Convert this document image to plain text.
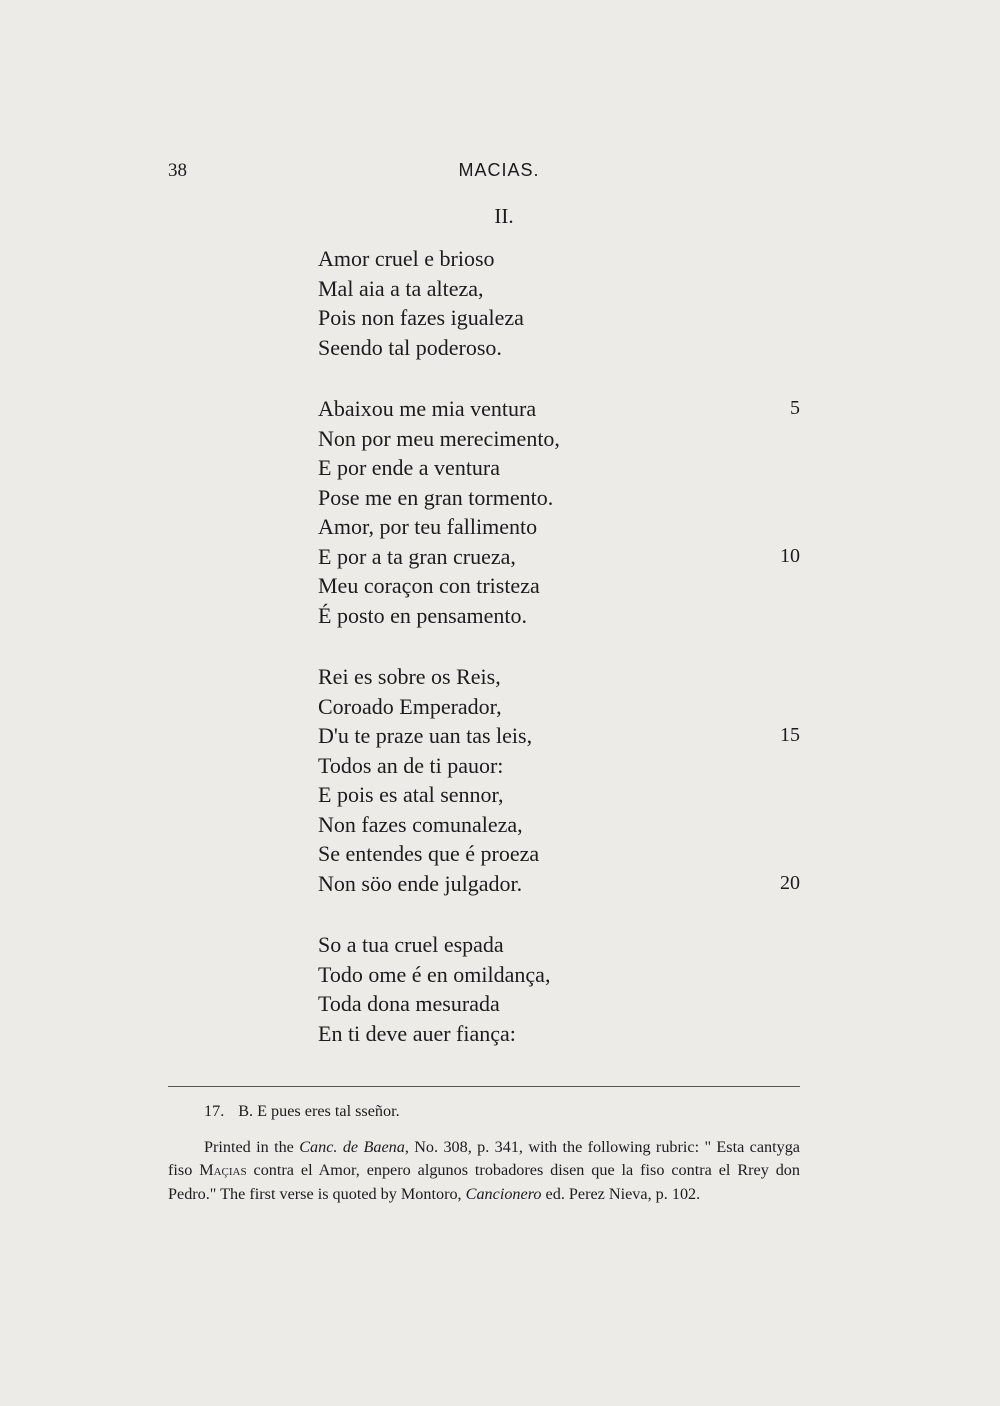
38	MACIAS.
II.
Amor cruel e brioso
Mal aia a ta alteza,
Pois non fazes igualeza
Seendo tal poderoso.
Abaixou me mia ventura	5
Non por meu merecimento,
E por ende a ventura
Pose me en gran tormento.
Amor, por teu fallimento
E por a ta gran crueza,	10
Meu coraçon con tristeza
É posto en pensamento.
Rei es sobre os Reis,
Coroado Emperador,
D'u te praze uan tas leis,	15
Todos an de ti pauor:
E pois es atal sennor,
Non fazes comunaleza,
Se entendes que é proeza
Non söo ende julgador.	20
So a tua cruel espada
Todo ome é en omildança,
Toda dona mesurada
En ti deve auer fiança:

17. B. E pues eres tal sseñor.

Printed in the Canc. de Baena, No. 308, p. 341, with the following rubric: " Esta cantyga fiso Maçias contra el Amor, enpero algunos trobadores disen que la fiso contra el Rrey don Pedro." The first verse is quoted by Montoro, Cancionero ed. Perez Nieva, p. 102.
